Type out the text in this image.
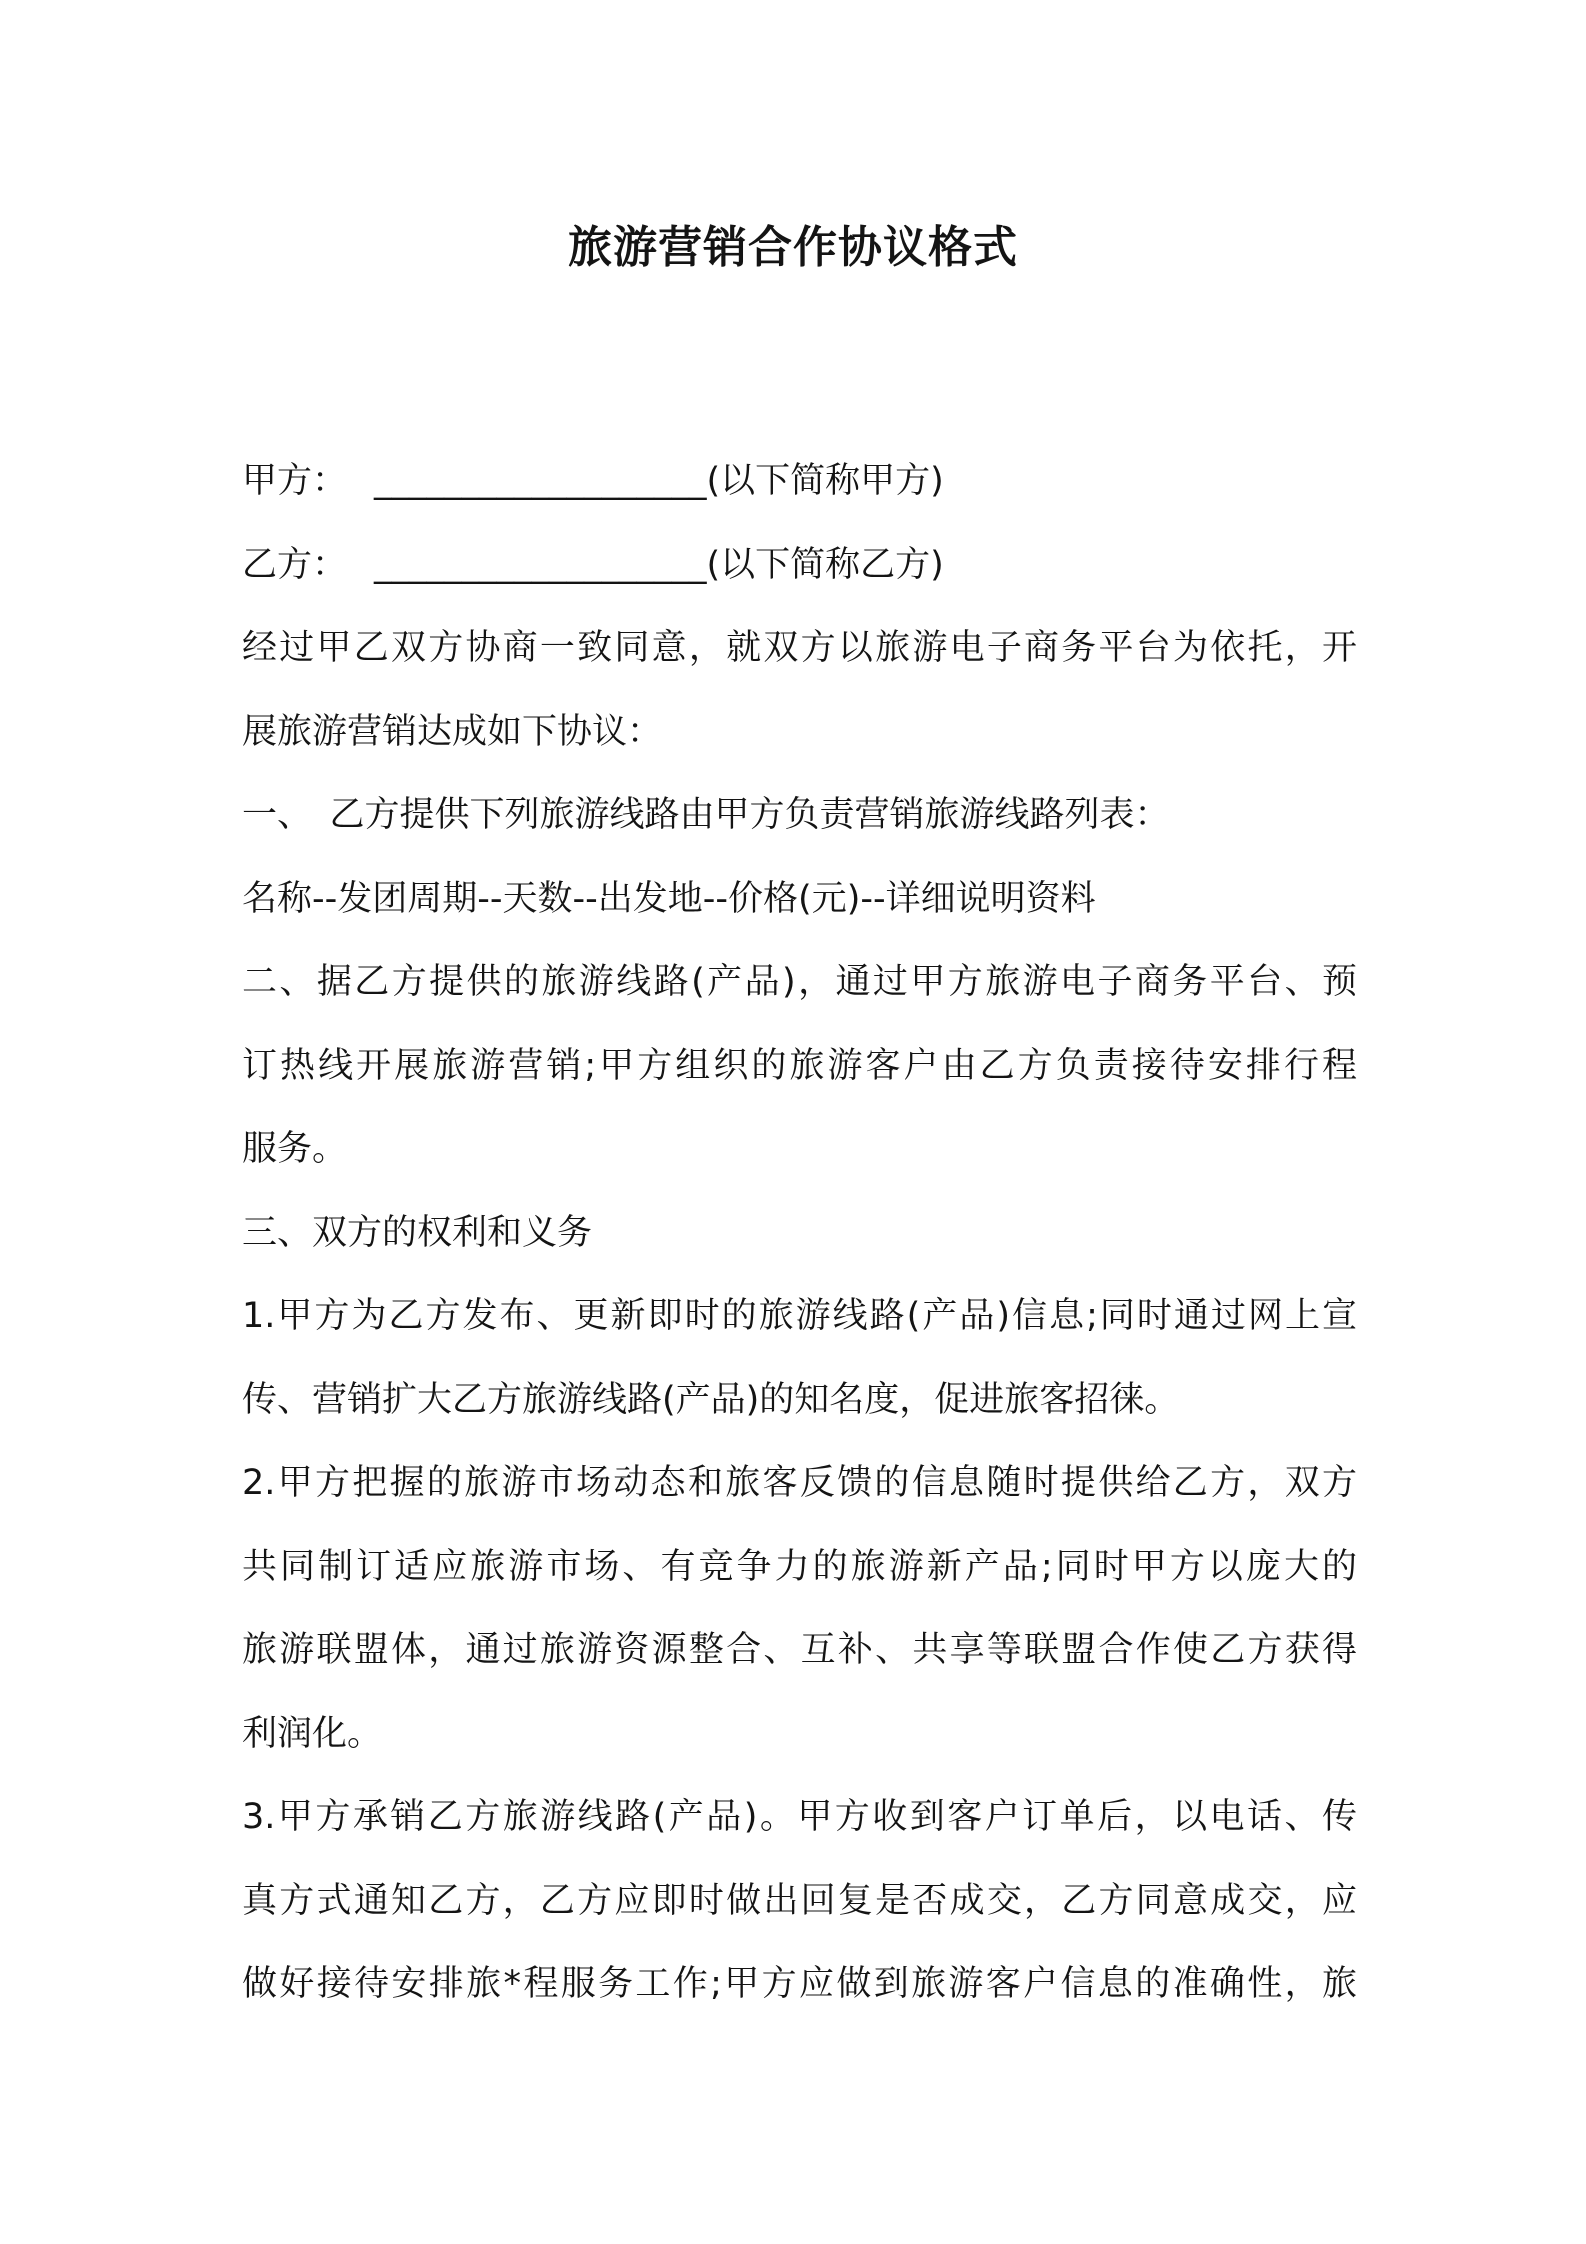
旅游营销合作协议格式
甲方： ___________________(以下简称甲方)
乙方： ___________________(以下简称乙方)
经过甲乙双方协商一致同意，就双方以旅游电子商务平台为依托，开
展旅游营销达成如下协议：
一、　乙方提供下列旅游线路由甲方负责营销旅游线路列表：
名称--发团周期--天数--出发地--价格(元)--详细说明资料
二、据乙方提供的旅游线路(产品)，通过甲方旅游电子商务平台、预
订热线开展旅游营销;甲方组织的旅游客户由乙方负责接待安排行程
服务。
三、双方的权利和义务
1.甲方为乙方发布、更新即时的旅游线路(产品)信息;同时通过网上宣
传、营销扩大乙方旅游线路(产品)的知名度，促进旅客招徕。
2.甲方把握的旅游市场动态和旅客反馈的信息随时提供给乙方，双方
共同制订适应旅游市场、有竞争力的旅游新产品;同时甲方以庞大的
旅游联盟体，通过旅游资源整合、互补、共享等联盟合作使乙方获得
利润化。
3.甲方承销乙方旅游线路(产品)。甲方收到客户订单后，以电话、传
真方式通知乙方，乙方应即时做出回复是否成交，乙方同意成交，应
做好接待安排旅*程服务工作;甲方应做到旅游客户信息的准确性，旅
